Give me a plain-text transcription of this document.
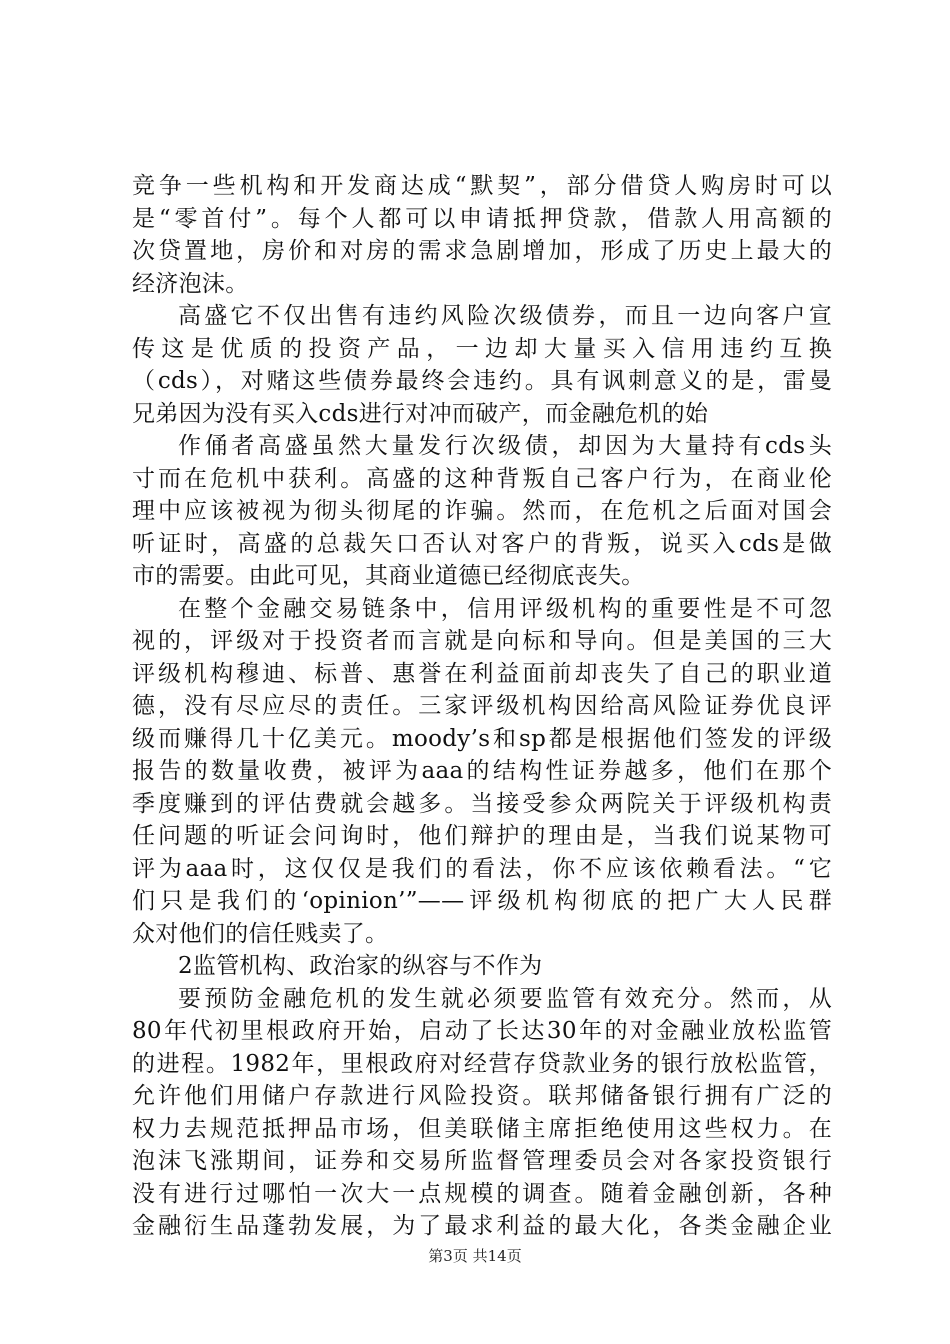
竞争一些机构和开发商达成“默契”，部分借贷人购房时可以
是“零首付”。每个人都可以申请抵押贷款，借款人用高额的
次贷置地，房价和对房的需求急剧增加，形成了历史上最大的
经济泡沫。
高盛它不仅出售有违约风险次级债券，而且一边向客户宣
传这是优质的投资产品，一边却大量买入信用违约互换
（cds），对赌这些债券最终会违约。具有讽刺意义的是，雷曼
兄弟因为没有买入cds进行对冲而破产，而金融危机的始
作俑者高盛虽然大量发行次级债，却因为大量持有cds头
寸而在危机中获利。高盛的这种背叛自己客户行为，在商业伦
理中应该被视为彻头彻尾的诈骗。然而，在危机之后面对国会
听证时，高盛的总裁矢口否认对客户的背叛，说买入cds是做
市的需要。由此可见，其商业道德已经彻底丧失。
在整个金融交易链条中，信用评级机构的重要性是不可忽
视的，评级对于投资者而言就是向标和导向。但是美国的三大
评级机构穆迪、标普、惠誉在利益面前却丧失了自己的职业道
德，没有尽应尽的责任。三家评级机构因给高风险证券优良评
级而赚得几十亿美元。moody’s和sp都是根据他们签发的评级
报告的数量收费，被评为aaa的结构性证券越多，他们在那个
季度赚到的评估费就会越多。当接受参众两院关于评级机构责
任问题的听证会问询时，他们辩护的理由是，当我们说某物可
评为aaa时，这仅仅是我们的看法，你不应该依赖看法。“它
们只是我们的‘opinion’”——评级机构彻底的把广大人民群
众对他们的信任贱卖了。
2监管机构、政治家的纵容与不作为
要预防金融危机的发生就必须要监管有效充分。然而，从
80年代初里根政府开始，启动了长达30年的对金融业放松监管
的进程。1982年，里根政府对经营存贷款业务的银行放松监管，
允许他们用储户存款进行风险投资。联邦储备银行拥有广泛的
权力去规范抵押品市场，但美联储主席拒绝使用这些权力。在
泡沫飞涨期间，证券和交易所监督管理委员会对各家投资银行
没有进行过哪怕一次大一点规模的调查。随着金融创新，各种
金融衍生品蓬勃发展，为了最求利益的最大化，各类金融企业
第3页 共14页
